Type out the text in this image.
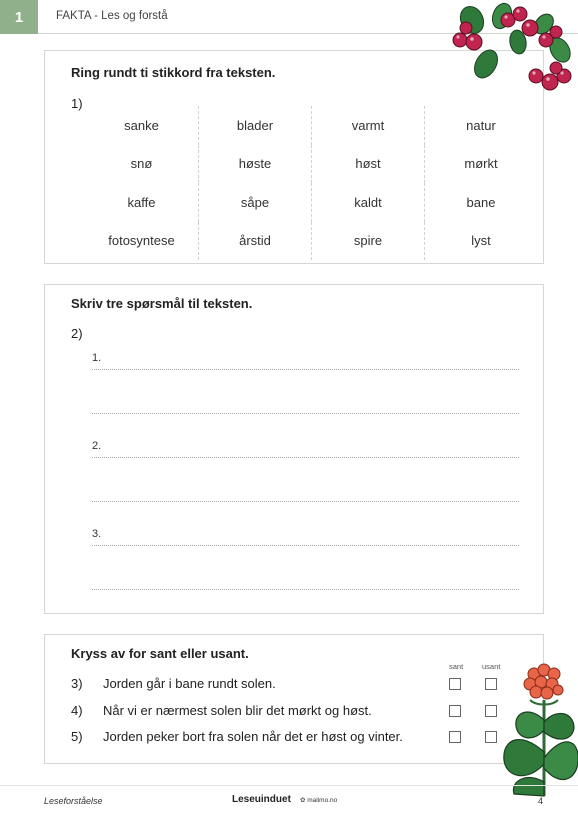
1	FAKTA - Les og forstå
Ring rundt ti stikkord fra teksten.
1)
sanke	blader	varmt	natur
snø	høste	høst	mørkt
kaffe	såpe	kaldt	bane
fotosyntese	årstid	spire	lyst
Skriv tre spørsmål til teksten.
2)
1.
2.
3.
Kryss av for sant eller usant.
sant	usant
3) Jorden går i bane rundt solen.
4) Når vi er nærmest solen blir det mørkt og høst.
5) Jorden peker bort fra solen når det er høst og vinter.
Leseforståelse	Leseuinduet ✿ malimo.no	4
